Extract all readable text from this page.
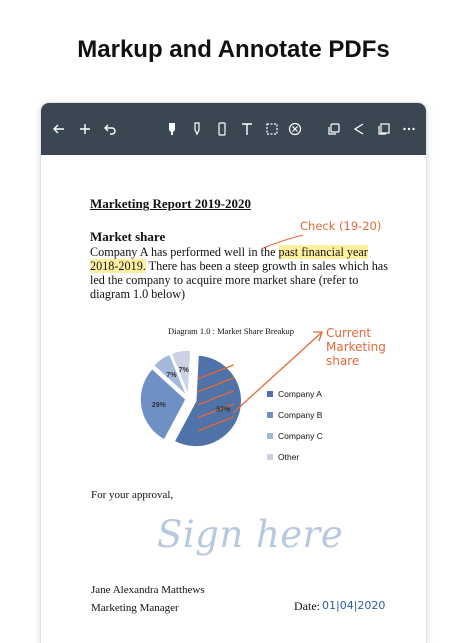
Markup and Annotate PDFs
Marketing Report 2019-2020
Check (19-20)
Market share
Company A has performed well in the past financial year 2018-2019. There has been a steep growth in sales which has led the company to acquire more market share (refer to diagram 1.0 below)
Diagram 1.0 : Market Share Breakup
57%
29%
7%
7%
Current
Marketing
share
Company A
Company B
Company C
Other
For your approval,
Sign here
Jane Alexandra Matthews
Marketing Manager	Date: 01|04|2020
